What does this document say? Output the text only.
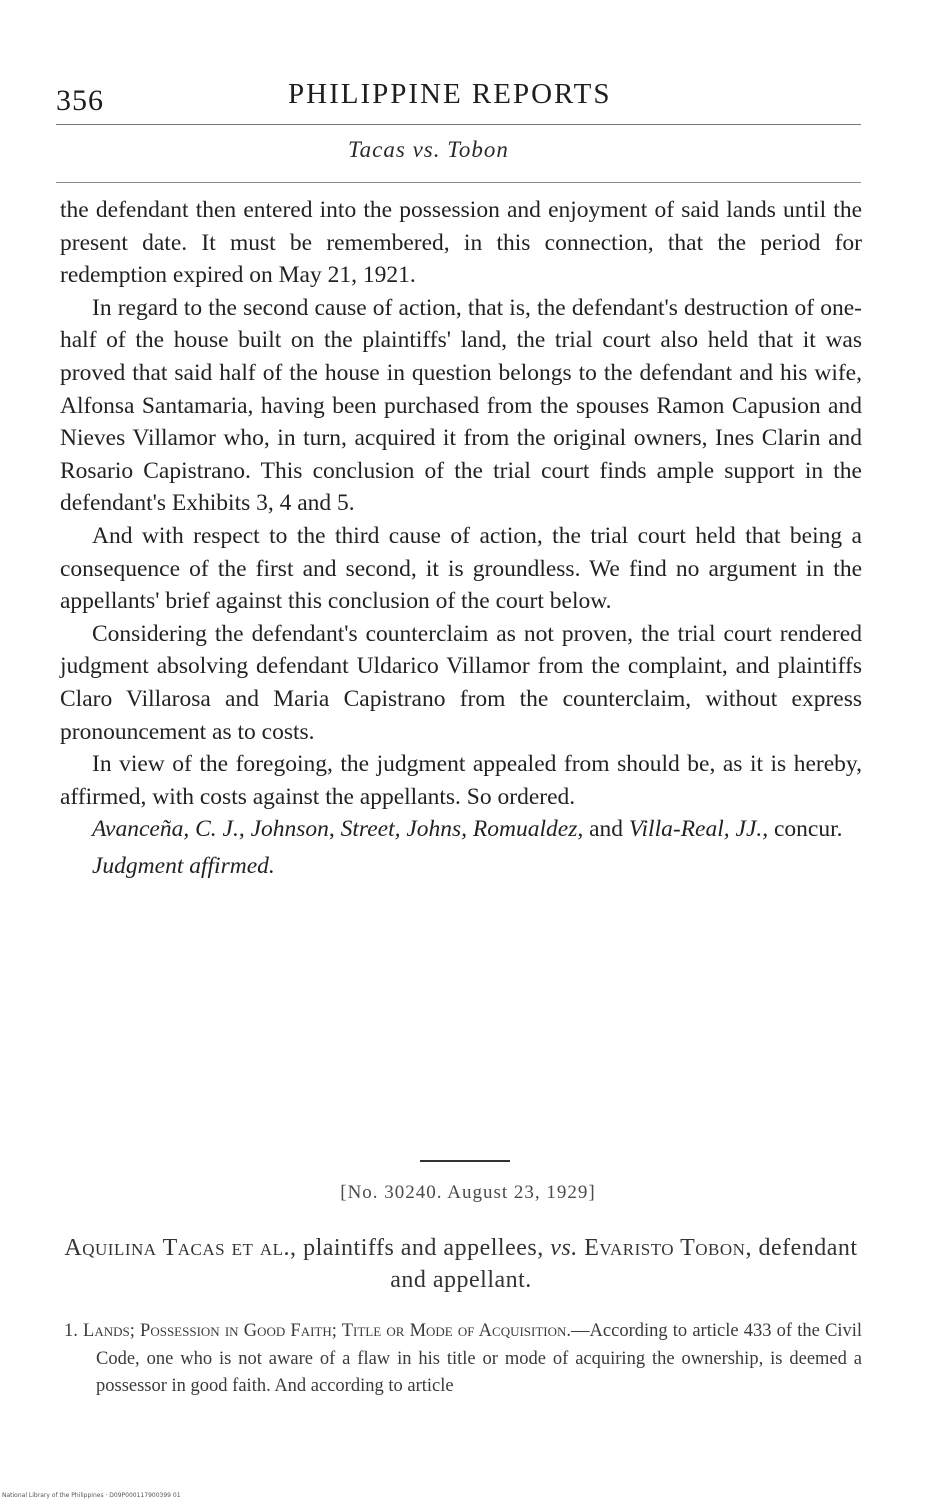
356	PHILIPPINE REPORTS
Tacas vs. Tobon

the defendant then entered into the possession and enjoyment of said lands until the present date. It must be remembered, in this connection, that the period for redemption expired on May 21, 1921.

In regard to the second cause of action, that is, the defendant's destruction of one-half of the house built on the plaintiffs' land, the trial court also held that it was proved that said half of the house in question belongs to the defendant and his wife, Alfonsa Santamaria, having been purchased from the spouses Ramon Capusion and Nieves Villamor who, in turn, acquired it from the original owners, Ines Clarin and Rosario Capistrano. This conclusion of the trial court finds ample support in the defendant's Exhibits 3, 4 and 5.

And with respect to the third cause of action, the trial court held that being a consequence of the first and second, it is groundless. We find no argument in the appellants' brief against this conclusion of the court below.

Considering the defendant's counterclaim as not proven, the trial court rendered judgment absolving defendant Uldarico Villamor from the complaint, and plaintiffs Claro Villarosa and Maria Capistrano from the counterclaim, without express pronouncement as to costs.

In view of the foregoing, the judgment appealed from should be, as it is hereby, affirmed, with costs against the appellants. So ordered.

Avanceña, C. J., Johnson, Street, Johns, Romualdez, and Villa-Real, JJ., concur.

Judgment affirmed.

[No. 30240. August 23, 1929]
Aquilina Tacas et al., plaintiffs and appellees, vs. Evaristo Tobon, defendant and appellant.

1. Lands; Possession in Good Faith; Title or Mode of Acquisition.—According to article 433 of the Civil Code, one who is not aware of a flaw in his title or mode of acquiring the ownership, is deemed a possessor in good faith. And according to article

National Library of the Philippines · D09P000117900399 01
